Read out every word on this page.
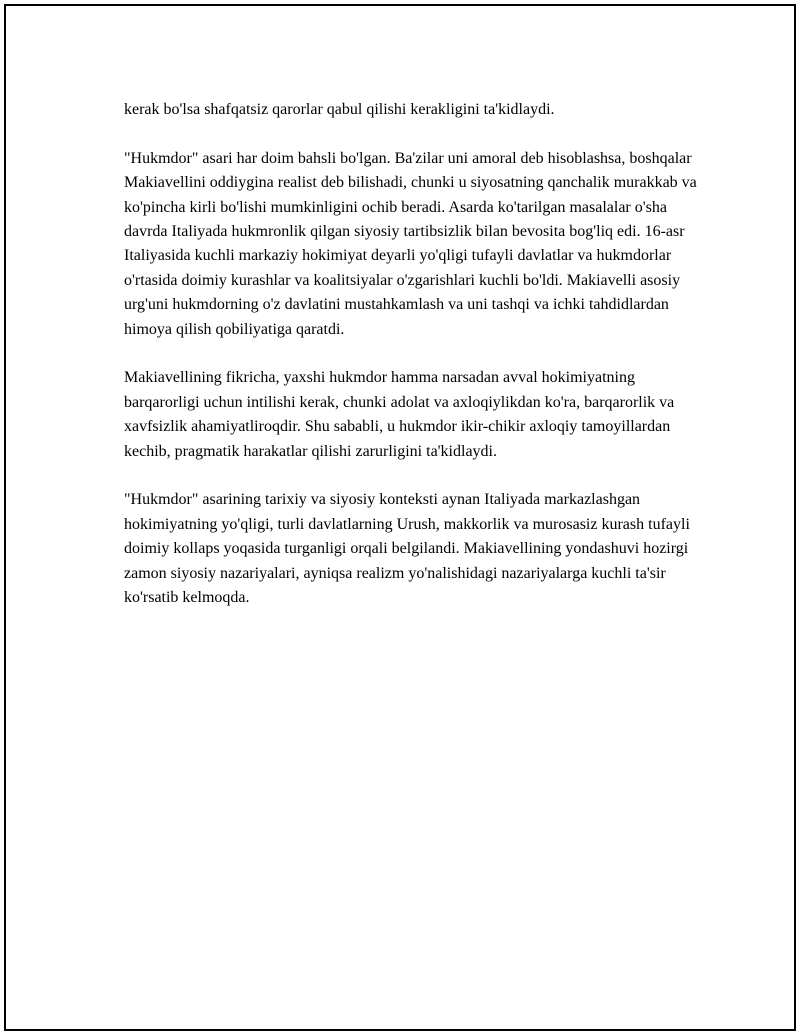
kerak bo'lsa shafqatsiz qarorlar qabul qilishi kerakligini ta'kidlaydi.

"Hukmdor" asari har doim bahsli bo'lgan. Ba'zilar uni amoral deb hisoblashsa, boshqalar Makiavellini oddiygina realist deb bilishadi, chunki u siyosatning qanchalik murakkab va ko'pincha kirli bo'lishi mumkinligini ochib beradi. Asarda ko'tarilgan masalalar o'sha davrda Italiyada hukmronlik qilgan siyosiy tartibsizlik bilan bevosita bog'liq edi. 16-asr Italiyasida kuchli markaziy hokimiyat deyarli yo'qligi tufayli davlatlar va hukmdorlar o'rtasida doimiy kurashlar va koalitsiyalar o'zgarishlari kuchli bo'ldi. Makiavelli asosiy urg'uni hukmdorning o'z davlatini mustahkamlash va uni tashqi va ichki tahdidlardan himoya qilish qobiliyatiga qaratdi.

Makiavellining fikricha, yaxshi hukmdor hamma narsadan avval hokimiyatning barqarorligi uchun intilishi kerak, chunki adolat va axloqiylikdan ko'ra, barqarorlik va xavfsizlik ahamiyatliroqdir. Shu sababli, u hukmdor ikir-chikir axloqiy tamoyillardan kechib, pragmatik harakatlar qilishi zarurligini ta'kidlaydi.

"Hukmdor" asarining tarixiy va siyosiy konteksti aynan Italiyada markazlashgan hokimiyatning yo'qligi, turli davlatlarning Urush, makkorlik va murosasiz kurash tufayli doimiy kollaps yoqasida turganligi orqali belgilandi. Makiavellining yondashuvi hozirgi zamon siyosiy nazariyalari, ayniqsa realizm yo'nalishidagi nazariyalarga kuchli ta'sir ko'rsatib kelmoqda.
